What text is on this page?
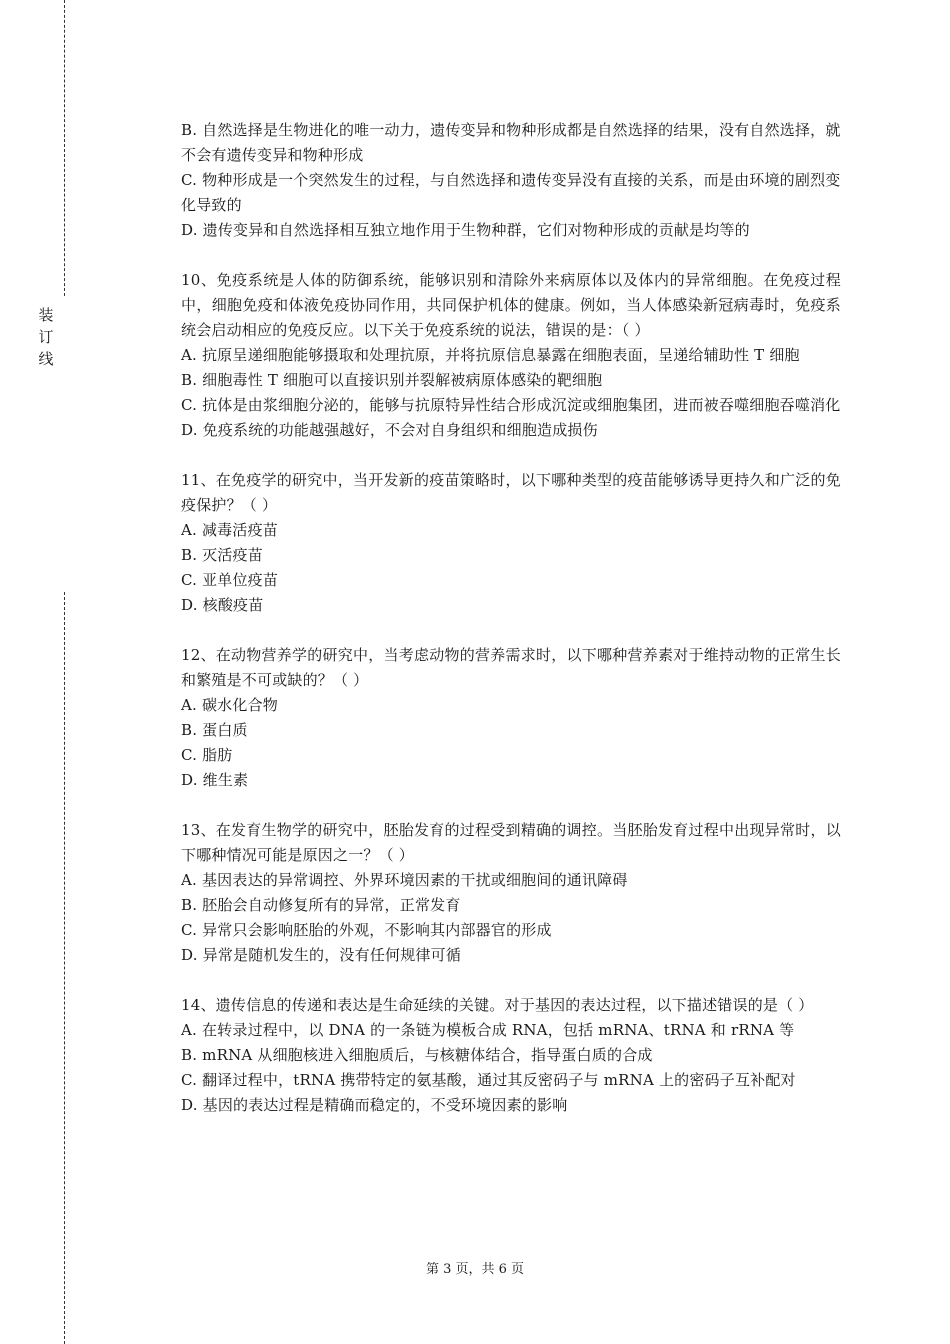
装
订
线

B. 自然选择是生物进化的唯一动力，遗传变异和物种形成都是自然选择的结果，没有自然选择，就不会有遗传变异和物种形成

C. 物种形成是一个突然发生的过程，与自然选择和遗传变异没有直接的关系，而是由环境的剧烈变化导致的

D. 遗传变异和自然选择相互独立地作用于生物种群，它们对物种形成的贡献是均等的

10、免疫系统是人体的防御系统，能够识别和清除外来病原体以及体内的异常细胞。在免疫过程中，细胞免疫和体液免疫协同作用，共同保护机体的健康。例如，当人体感染新冠病毒时，免疫系统会启动相应的免疫反应。以下关于免疫系统的说法，错误的是：（ ）

A. 抗原呈递细胞能够摄取和处理抗原，并将抗原信息暴露在细胞表面，呈递给辅助性 T 细胞

B. 细胞毒性 T 细胞可以直接识别并裂解被病原体感染的靶细胞

C. 抗体是由浆细胞分泌的，能够与抗原特异性结合形成沉淀或细胞集团，进而被吞噬细胞吞噬消化

D. 免疫系统的功能越强越好，不会对自身组织和细胞造成损伤

11、在免疫学的研究中，当开发新的疫苗策略时，以下哪种类型的疫苗能够诱导更持久和广泛的免疫保护？（ ）

A. 减毒活疫苗

B. 灭活疫苗

C. 亚单位疫苗

D. 核酸疫苗

12、在动物营养学的研究中，当考虑动物的营养需求时，以下哪种营养素对于维持动物的正常生长和繁殖是不可或缺的？（ ）

A. 碳水化合物

B. 蛋白质

C. 脂肪

D. 维生素

13、在发育生物学的研究中，胚胎发育的过程受到精确的调控。当胚胎发育过程中出现异常时，以下哪种情况可能是原因之一？（ ）

A. 基因表达的异常调控、外界环境因素的干扰或细胞间的通讯障碍

B. 胚胎会自动修复所有的异常，正常发育

C. 异常只会影响胚胎的外观，不影响其内部器官的形成

D. 异常是随机发生的，没有任何规律可循

14、遗传信息的传递和表达是生命延续的关键。对于基因的表达过程，以下描述错误的是（ ）

A. 在转录过程中，以 DNA 的一条链为模板合成 RNA，包括 mRNA、tRNA 和 rRNA 等

B. mRNA 从细胞核进入细胞质后，与核糖体结合，指导蛋白质的合成

C. 翻译过程中，tRNA 携带特定的氨基酸，通过其反密码子与 mRNA 上的密码子互补配对

D. 基因的表达过程是精确而稳定的，不受环境因素的影响

第 3 页，共 6 页
